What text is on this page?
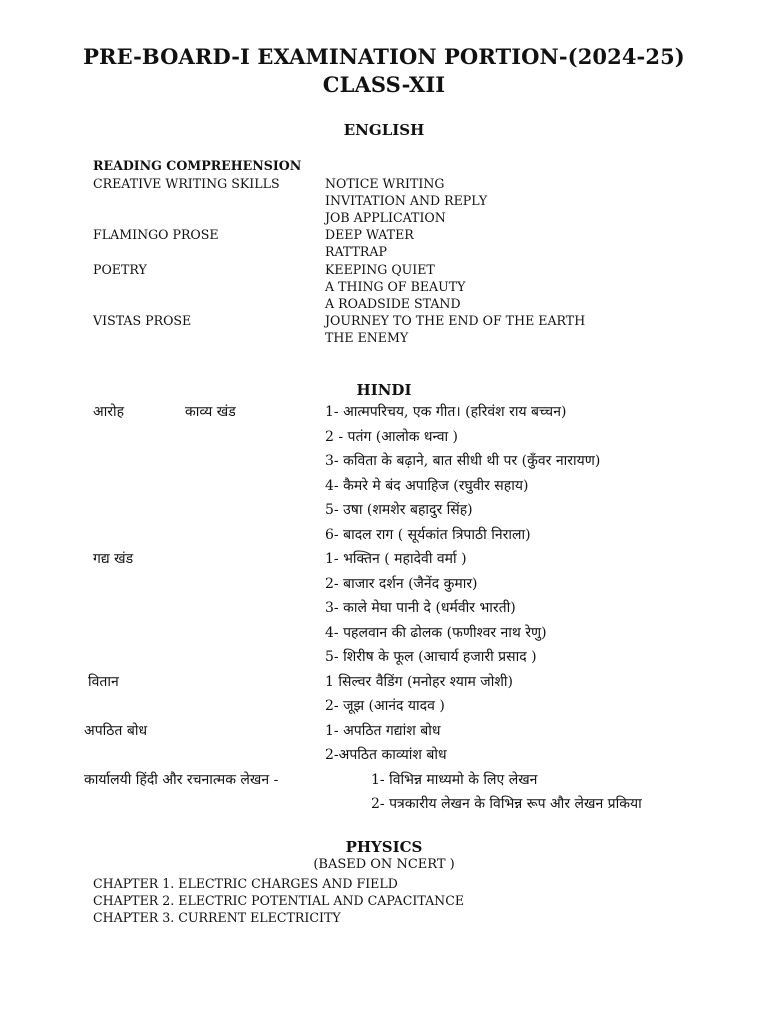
PRE-BOARD-I EXAMINATION PORTION-(2024-25)
CLASS-XII
ENGLISH
READING COMPREHENSION
CREATIVE WRITING SKILLS	NOTICE WRITING
INVITATION AND REPLY
JOB APPLICATION
FLAMINGO PROSE	DEEP WATER
RATTRAP
POETRY	KEEPING QUIET
A THING OF BEAUTY
A ROADSIDE STAND
VISTAS PROSE	JOURNEY TO THE END OF THE EARTH
THE ENEMY
HINDI
आरोह	काव्य खंड	1- आत्मपरिचय, एक गीत। (हरिवंश राय बच्चन)
2 - पतंग (आलोक धन्वा )
3- कविता के बढ़ाने, बात सीधी थी पर (कुँवर नारायण)
4- कैमरे मे बंद अपाहिज (रघुवीर सहाय)
5- उषा (शमशेर बहादुर सिंह)
6- बादल राग ( सूर्यकांत त्रिपाठी निराला)
गद्य खंड	1- भक्तिन ( महादेवी वर्मा )
2- बाजार दर्शन (जैनेंद कुमार)
3- काले मेघा पानी दे (धर्मवीर भारती)
4- पहलवान की ढोलक (फणीश्वर नाथ रेणु)
5- शिरीष के फूल (आचार्य हजारी प्रसाद )
वितान	1 सिल्वर वैडिंग (मनोहर श्याम जोशी)
2- जूझ (आनंद यादव )
अपठित बोध	1- अपठित गद्यांश बोध
2-अपठित काव्यांश बोध
कार्यालयी हिंदी और रचनात्मक लेखन -	1- विभिन्न माध्यमो के लिए लेखन
2- पत्रकारीय लेखन के विभिन्न रूप और लेखन प्रकिया
PHYSICS
(BASED ON NCERT )
CHAPTER 1. ELECTRIC CHARGES AND FIELD
CHAPTER 2. ELECTRIC POTENTIAL AND CAPACITANCE
CHAPTER 3. CURRENT ELECTRICITY
